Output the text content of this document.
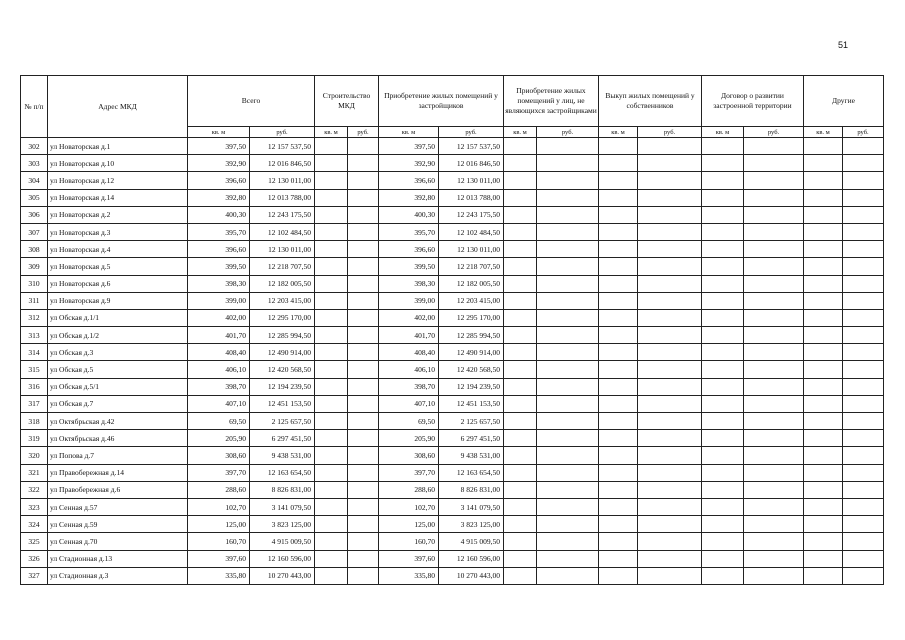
51
№ п/п	Адрес МКД	Всего		Строительство МКД		Приобретение жилых помещений у застройщиков		Приобретение жилых помещений у лиц, не являющихся застройщиками		Выкуп жилых помещений у собственников		Договор о развитии застроенной территории		Другие	
		кв. м	руб.	кв. м	руб.	кв. м	руб.	кв. м	руб.	кв. м	руб.	кв. м	руб.	кв. м	руб.
302	ул Новаторская д.1	397,50	12 157 537,50			397,50	12 157 537,50								
303	ул Новаторская д.10	392,90	12 016 846,50			392,90	12 016 846,50								
304	ул Новаторская д.12	396,60	12 130 011,00			396,60	12 130 011,00								
305	ул Новаторская д.14	392,80	12 013 788,00			392,80	12 013 788,00								
306	ул Новаторская д.2	400,30	12 243 175,50			400,30	12 243 175,50								
307	ул Новаторская д.3	395,70	12 102 484,50			395,70	12 102 484,50								
308	ул Новаторская д.4	396,60	12 130 011,00			396,60	12 130 011,00								
309	ул Новаторская д.5	399,50	12 218 707,50			399,50	12 218 707,50								
310	ул Новаторская д.6	398,30	12 182 005,50			398,30	12 182 005,50								
311	ул Новаторская д.9	399,00	12 203 415,00			399,00	12 203 415,00								
312	ул Обская д.1/1	402,00	12 295 170,00			402,00	12 295 170,00								
313	ул Обская д.1/2	401,70	12 285 994,50			401,70	12 285 994,50								
314	ул Обская д.3	408,40	12 490 914,00			408,40	12 490 914,00								
315	ул Обская д.5	406,10	12 420 568,50			406,10	12 420 568,50								
316	ул Обская д.5/1	398,70	12 194 239,50			398,70	12 194 239,50								
317	ул Обская д.7	407,10	12 451 153,50			407,10	12 451 153,50								
318	ул Октябрьская д.42	69,50	2 125 657,50			69,50	2 125 657,50								
319	ул Октябрьская д.46	205,90	6 297 451,50			205,90	6 297 451,50								
320	ул Попова д.7	308,60	9 438 531,00			308,60	9 438 531,00								
321	ул Правобережная д.14	397,70	12 163 654,50			397,70	12 163 654,50								
322	ул Правобережная д.6	288,60	8 826 831,00			288,60	8 826 831,00								
323	ул Сенная д.57	102,70	3 141 079,50			102,70	3 141 079,50								
324	ул Сенная д.59	125,00	3 823 125,00			125,00	3 823 125,00								
325	ул Сенная д.70	160,70	4 915 009,50			160,70	4 915 009,50								
326	ул Стадионная д.13	397,60	12 160 596,00			397,60	12 160 596,00								
327	ул Стадионная д.3	335,80	10 270 443,00			335,80	10 270 443,00								
